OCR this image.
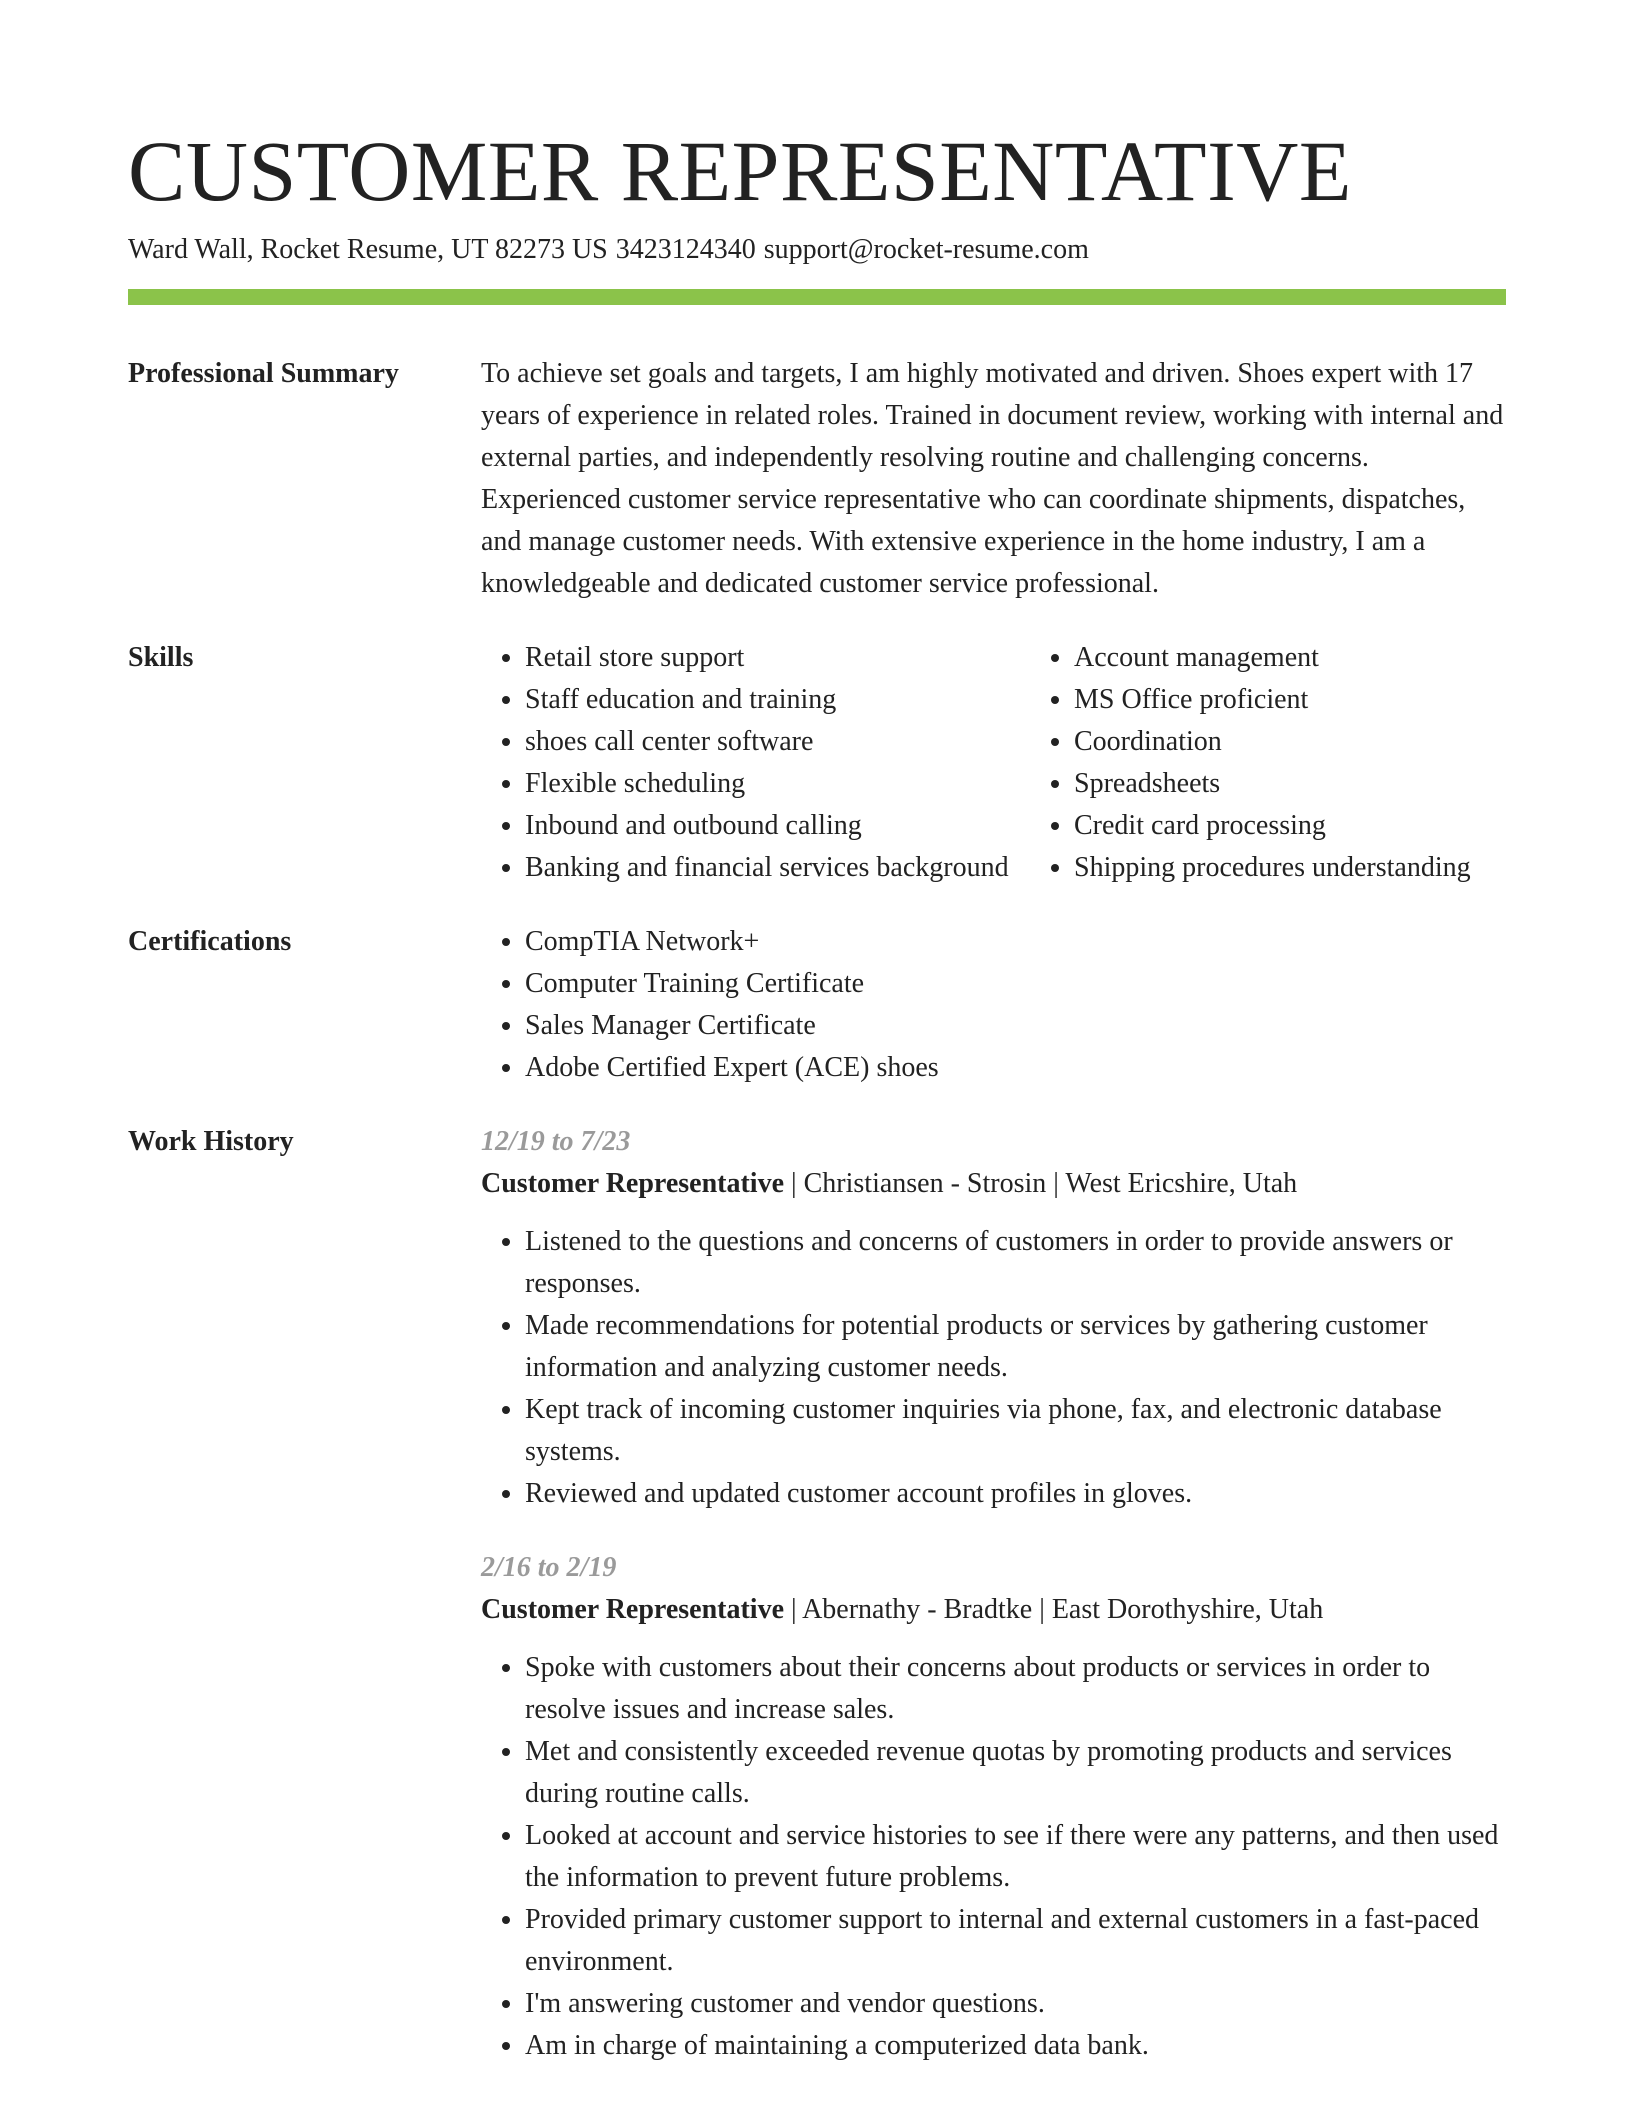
CUSTOMER REPRESENTATIVE
Ward Wall, Rocket Resume, UT 82273 US 3423124340 support@rocket-resume.com
Professional Summary	To achieve set goals and targets, I am highly motivated and driven. Shoes expert with 17 years of experience in related roles. Trained in document review, working with internal and external parties, and independently resolving routine and challenging concerns. Experienced customer service representative who can coordinate shipments, dispatches, and manage customer needs. With extensive experience in the home industry, I am a knowledgeable and dedicated customer service professional.

Skills	• Retail store support
• Staff education and training
• shoes call center software
• Flexible scheduling
• Inbound and outbound calling
• Banking and financial services background
• Account management
• MS Office proficient
• Coordination
• Spreadsheets
• Credit card processing
• Shipping procedures understanding
Certifications	• CompTIA Network+
• Computer Training Certificate
• Sales Manager Certificate
• Adobe Certified Expert (ACE) shoes
Work History	12/19 to 7/23
Customer Representative | Christiansen - Strosin | West Ericshire, Utah
• Listened to the questions and concerns of customers in order to provide answers or responses.
• Made recommendations for potential products or services by gathering customer information and analyzing customer needs.
• Kept track of incoming customer inquiries via phone, fax, and electronic database systems.
• Reviewed and updated customer account profiles in gloves.
2/16 to 2/19
Customer Representative | Abernathy - Bradtke | East Dorothyshire, Utah
• Spoke with customers about their concerns about products or services in order to resolve issues and increase sales.
• Met and consistently exceeded revenue quotas by promoting products and services during routine calls.
• Looked at account and service histories to see if there were any patterns, and then used the information to prevent future problems.
• Provided primary customer support to internal and external customers in a fast-paced environment.
• I'm answering customer and vendor questions.
• Am in charge of maintaining a computerized data bank.
